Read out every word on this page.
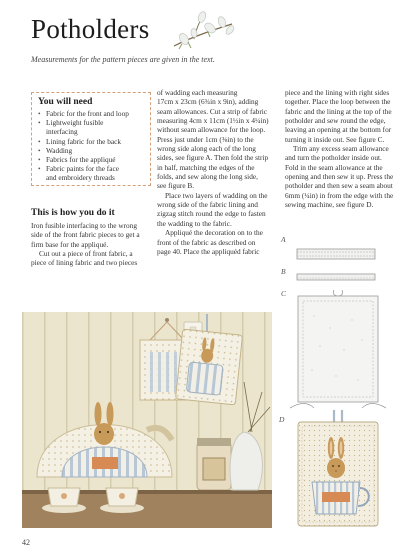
Potholders
Measurements for the pattern pieces are given in the text.
You will need
• Fabric for the front and loop
• Lightweight fusible
interfacing
• Lining fabric for the back
• Wadding
• Fabrics for the appliqué
• Fabric paints for the face
and embroidery threads
This is how you do it

Iron fusible interfacing to the wrong

side of the front fabric pieces to get a

firm base for the appliqué.

Cut out a piece of front fabric, a

piece of lining fabric and two pieces

of wadding each measuring

17cm x 23cm (6¾in x 9in), adding

seam allowances. Cut a strip of fabric

measuring 4cm x 11cm (1½in x 4¼in)

without seam allowance for the loop.

Press just under 1cm (⅜in) to the

wrong side along each of the long

sides, see figure A. Then fold the strip

in half, matching the edges of the

folds, and sew along the long side,

see figure B.

Place two layers of wadding on the

wrong side of the fabric lining and

zigzag stitch round the edge to fasten

the wadding to the fabric.

Appliqué the decoration on to the

front of the fabric as described on

page 40. Place the appliquéd fabric

piece and the lining with right sides

together. Place the loop between the

fabric and the lining at the top of the

potholder and sew round the edge,

leaving an opening at the bottom for

turning it inside out. See figure C.

Trim any excess seam allowance

and turn the potholder inside out.

Fold in the seam allowance at the

opening and then sew it up. Press the

potholder and then sew a seam about

6mm (¼in) in from the edge with the

sewing machine, see figure D.

A
B
C
D
42
